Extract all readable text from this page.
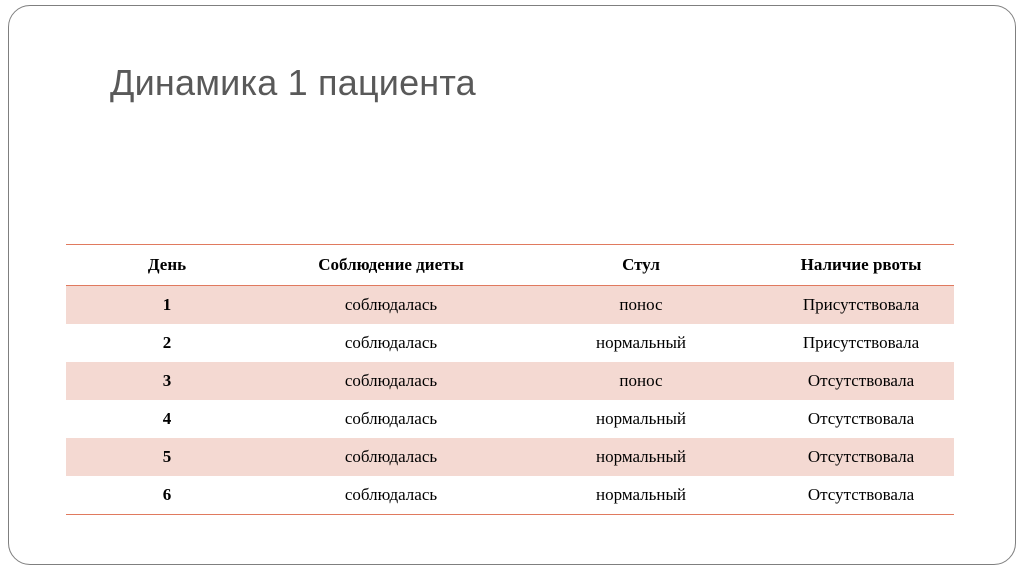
Динамика 1 пациента
День	Соблюдение диеты	Стул	Наличие рвоты
1	соблюдалась	понос	Присутствовала
2	соблюдалась	нормальный	Присутствовала
3	соблюдалась	понос	Отсутствовала
4	соблюдалась	нормальный	Отсутствовала
5	соблюдалась	нормальный	Отсутствовала
6	соблюдалась	нормальный	Отсутствовала
